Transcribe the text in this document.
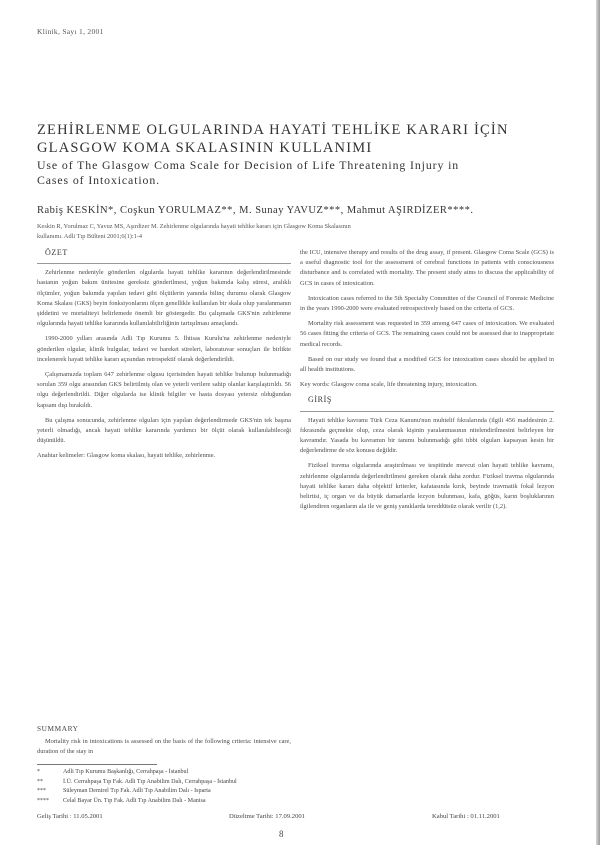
Klinik, Sayı 1, 2001
ZEHİRLENME OLGULARINDA HAYATİ TEHLİKE KARARI İÇİN
GLASGOW KOMA SKALASININ KULLANIMI
Use of The Glasgow Coma Scale for Decision of Life Threatening Injury in
Cases of Intoxication.
Rabiş KESKİN*, Coşkun YORULMAZ**, M. Sunay YAVUZ***, Mahmut AŞIRDİZER****.
Keskin R, Yorulmaz C, Yavuz MS, Aşırdizer M. Zehirlenme olgularında hayati tehlike kararı için Glasgow Koma Skalasının
kullanımı. Adli Tıp Bülteni 2001;6(1):1-4

ÖZET

Zehirlenme nedeniyle gönderilen olgularda hayati tehlike kararının değerlendirilmesinde hastanın yoğun bakım ünitesine gereksiz gönderilmesi, yoğun bakımda kalış süresi, aralıklı ölçümler, yoğun bakımda yapılan tedavi gibi ölçütlerin yanında bilinç durumu olarak Glasgow Koma Skalası (GKS) beyin fonksiyonlarını ölçen genellikle kullanılan bir skala olup yaralanmanın şiddetini ve mortaliteyi belirlemede önemli bir göstergedir. Bu çalışmada GKS'nin zehirlenme olgularında hayati tehlike kararında kullanılabilirliğinin tartışılması amaçlandı.

1990-2000 yılları arasında Adli Tıp Kurumu 5. İhtisas Kurulu'na zehirlenme nedeniyle gönderilen olgular, klinik bulgular, tedavi ve hareket süreleri, laboratuvar sonuçları ile birlikte incelenerek hayati tehlike kararı açısından retrospektif olarak değerlendirildi.

Çalışmamızda toplam 647 zehirlenme olgusu içerisinden hayati tehlike bulunup bulunmadığı sorulan 359 olgu arasından GKS belirtilmiş olan ve yeterli verilere sahip olanlar karşılaştırıldı. 56 olgu değerlendirildi. Diğer olgularda ise klinik bilgiler ve hasta dosyası yetersiz olduğundan kapsam dışı bırakıldı.

Bu çalışma sonucunda, zehirlenme olguları için yapılan değerlendirmede GKS'nin tek başına yeterli olmadığı, ancak hayati tehlike kararında yardımcı bir ölçüt olarak kullanılabileceği düşünüldü.

Anahtar kelimeler: Glasgow koma skalası, hayati tehlike, zehirlenme.

SUMMARY
Mortality risk in intoxications is assessed on the basis of the following criteria: intensive care, duration of the stay in

the ICU, intensive therapy and results of the drug assay, if present. Glasgow Coma Scale (GCS) is a useful diagnostic tool for the assessment of cerebral functions in patients with consciousness disturbance and is correlated with mortality. The present study aims to discuss the applicability of GCS in cases of intoxication.

Intoxication cases referred to the 5th Specialty Committee of the Council of Forensic Medicine in the years 1990-2000 were evaluated retrospectively based on the criteria of GCS.

Mortality risk assessment was requested in 359 among 647 cases of intoxication. We evaluated 56 cases fitting the criteria of GCS. The remaining cases could not be assessed due to inappropriate medical records.

Based on our study we found that a modified GCS for intoxication cases should be applied in all health institutions.

Key words: Glasgow coma scale, life threatening injury, intoxication.

GİRİŞ

Hayati tehlike kavramı Türk Ceza Kanunu'nun muhtelif fıkralarında (ilgili 456 maddesinin 2. fıkrasında geçmekte olup, ceza olarak kişinin yaralanmasının nitelendirilmesini belirleyen bir kavramdır. Yasada bu kavramın bir tanımı bulunmadığı gibi tıbbi olguları kapsayan kesin bir değerlendirme de söz konusu değildir.

Fiziksel travma olgularında araştırılması ve tespitinde mevcut olan hayati tehlike kavramı, zehirlenme olgularında değerlendirilmesi gereken olarak daha zordur. Fiziksel travma olgularında hayati tehlike kararı daha objektif kriterler, kafatasında kırık, beyinde travmatik fokal lezyon belirtisi, iç organ ve da büyük damarlarda lezyon bulunması, kafa, göğüs, karın boşluklarının ilgilendiren organların ala ile ve geniş yanıklarda tereddütsüz olarak verilir (1,2).

*	Adli Tıp Kurumu Başkanlığı, Cerrahpaşa - İstanbul
**	İ.Ü. Cerrahpaşa Tıp Fak. Adli Tıp Anabilim Dalı, Cerrahpaşa - İstanbul
***	Süleyman Demirel Tıp Fak. Adli Tıp Anabilim Dalı - Isparta
****	Celal Bayar Ün. Tıp Fak. Adli Tıp Anabilim Dalı - Manisa
Geliş Tarihi : 11.05.2001	Düzeltme Tarihi: 17.09.2001	Kabul Tarihi : 01.11.2001
8
